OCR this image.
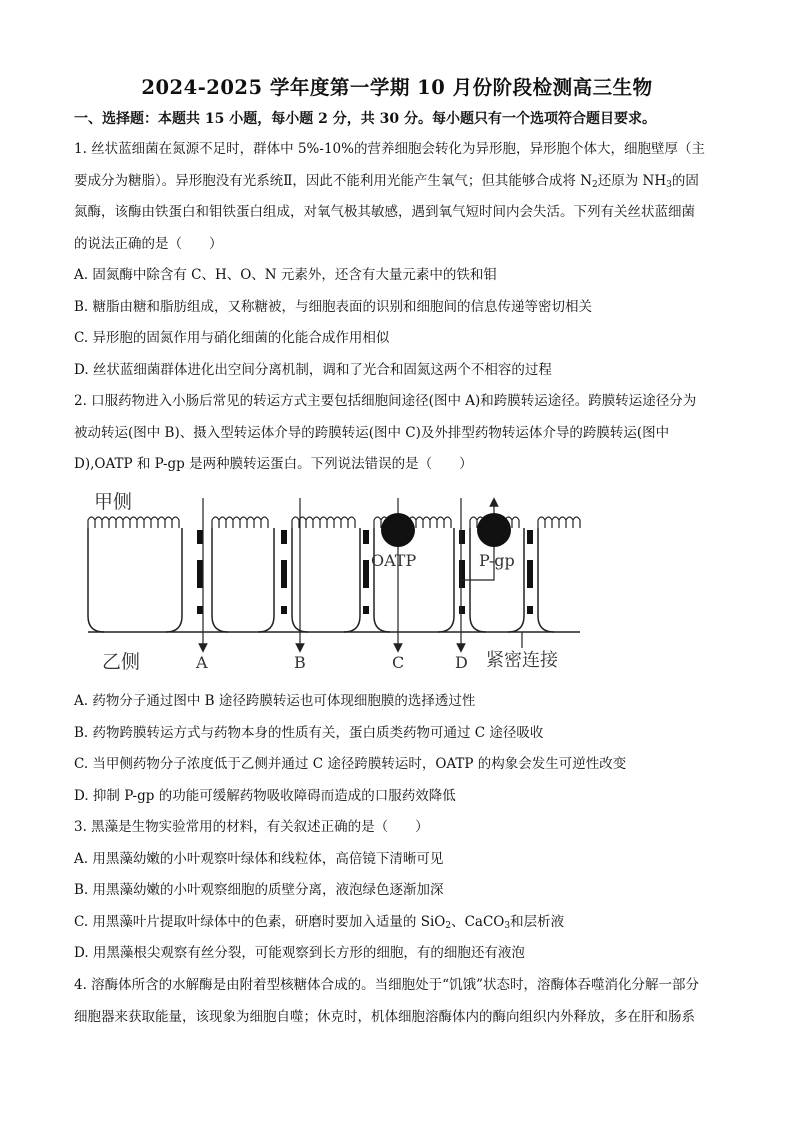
2024-2025 学年度第一学期 10 月份阶段检测高三生物
一、选择题：本题共 15 小题，每小题 2 分，共 30 分。每小题只有一个选项符合题目要求。
1. 丝状蓝细菌在氮源不足时，群体中 5%-10%的营养细胞会转化为异形胞，异形胞个体大，细胞壁厚（主
要成分为糖脂）。异形胞没有光系统Ⅱ，因此不能利用光能产生氧气；但其能够合成将 $N_2$还原为 $NH_3$的固
氮酶，该酶由铁蛋白和钼铁蛋白组成，对氧气极其敏感，遇到氧气短时间内会失活。下列有关丝状蓝细菌
的说法正确的是（　　）
A. 固氮酶中除含有 C、H、O、N 元素外，还含有大量元素中的铁和钼
B. 糖脂由糖和脂肪组成，又称糖被，与细胞表面的识别和细胞间的信息传递等密切相关
C. 异形胞的固氮作用与硝化细菌的化能合成作用相似
D. 丝状蓝细菌群体进化出空间分离机制，调和了光合和固氮这两个不相容的过程
2. 口服药物进入小肠后常见的转运方式主要包括细胞间途径(图中 A)和跨膜转运途径。跨膜转运途径分为
被动转运(图中 B)、摄入型转运体介导的跨膜转运(图中 C)及外排型药物转运体介导的跨膜转运(图中
D),OATP 和 P-gp 是两种膜转运蛋白。下列说法错误的是（　　）
甲侧
乙侧
OATP	P-gp
A	B	C	D 紧密连接
A. 药物分子通过图中 B 途径跨膜转运也可体现细胞膜的选择透过性
B. 药物跨膜转运方式与药物本身的性质有关，蛋白质类药物可通过 C 途径吸收
C. 当甲侧药物分子浓度低于乙侧并通过 C 途径跨膜转运时，OATP 的构象会发生可逆性改变
D. 抑制 P-gp 的功能可缓解药物吸收障碍而造成的口服药效降低
3. 黑藻是生物实验常用的材料，有关叙述正确的是（　　）
A. 用黑藻幼嫩的小叶观察叶绿体和线粒体，高倍镜下清晰可见
B. 用黑藻幼嫩的小叶观察细胞的质壁分离，液泡绿色逐渐加深
C. 用黑藻叶片提取叶绿体中的色素，研磨时要加入适量的 SiO$_2$、CaCO$_3$和层析液
D. 用黑藻根尖观察有丝分裂，可能观察到长方形的细胞，有的细胞还有液泡
4. 溶酶体所含的水解酶是由附着型核糖体合成的。当细胞处于“饥饿”状态时，溶酶体吞噬消化分解一部分
细胞器来获取能量，该现象为细胞自噬；休克时，机体细胞溶酶体内的酶向组织内外释放，多在肝和肠系
